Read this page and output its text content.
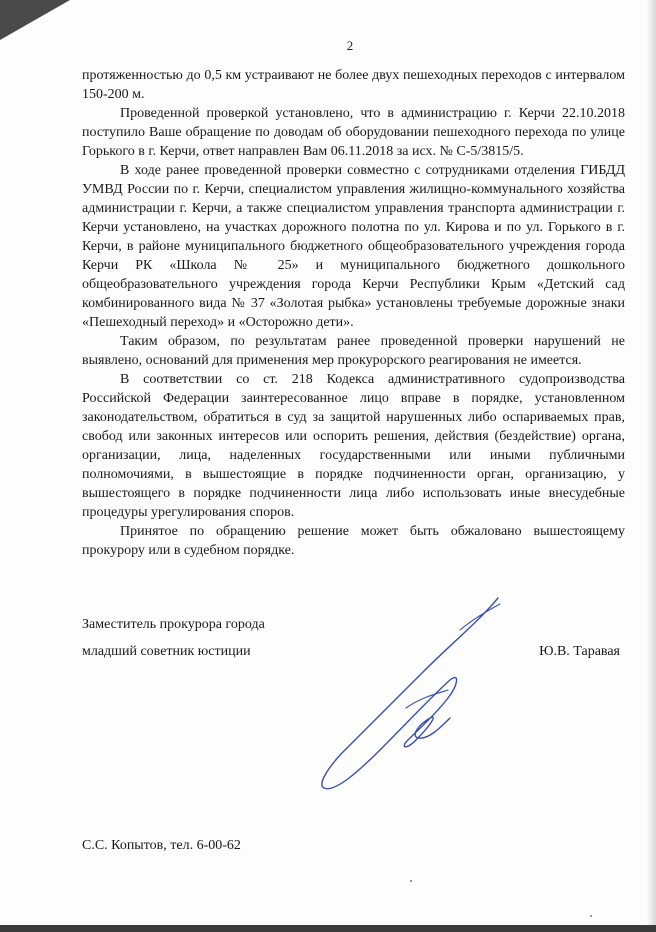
2

протяженностью до 0,5 км устраивают не более двух пешеходных переходов с интервалом 150-200 м.

Проведенной проверкой установлено, что в администрацию г. Керчи 22.10.2018 поступило Ваше обращение по доводам об оборудовании пешеходного перехода по улице Горького в г. Керчи, ответ направлен Вам 06.11.2018 за исх. № С-5/3815/5.

В ходе ранее проведенной проверки совместно с сотрудниками отделения ГИБДД УМВД России по г. Керчи, специалистом управления жилищно-коммунального хозяйства администрации г. Керчи, а также специалистом управления транспорта администрации г. Керчи установлено, на участках дорожного полотна по ул. Кирова и по ул. Горького в г. Керчи, в районе муниципального бюджетного общеобразовательного учреждения города Керчи РК «Школа № 25» и муниципального бюджетного дошкольного общеобразовательного учреждения города Керчи Республики Крым «Детский сад комбинированного вида № 37 «Золотая рыбка» установлены требуемые дорожные знаки «Пешеходный переход» и «Осторожно дети».

Таким образом, по результатам ранее проведенной проверки нарушений не выявлено, оснований для применения мер прокурорского реагирования не имеется.

В соответствии со ст. 218 Кодекса административного судопроизводства Российской Федерации заинтересованное лицо вправе в порядке, установленном законодательством, обратиться в суд за защитой нарушенных либо оспариваемых прав, свобод или законных интересов или оспорить решения, действия (бездействие) органа, организации, лица, наделенных государственными или иными публичными полномочиями, в вышестоящие в порядке подчиненности орган, организацию, у вышестоящего в порядке подчиненности лица либо использовать иные внесудебные процедуры урегулирования споров.

Принятое по обращению решение может быть обжаловано вышестоящему прокурору или в судебном порядке.

Заместитель прокурора города
младший советник юстиции	Ю.В. Таравая
С.С. Копытов, тел. 6-00-62
